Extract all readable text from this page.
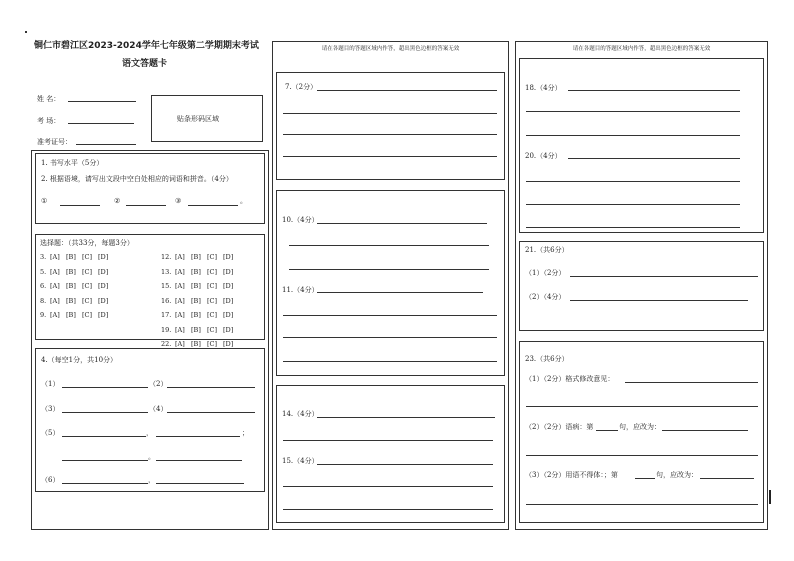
铜仁市碧江区2023-2024学年七年级第二学期期末考试
语文答题卡
姓 名：
考 场：
准考证号：
贴条形码区域
1. 书写水平（5分）
2. 根据语境，请写出文段中空白处相应的词语和拼音。（4分）
①	②	③	。
选择题：（共33分，每题3分）
3. [A] [B] [C] [D]
5. [A] [B] [C] [D]
6. [A] [B] [C] [D]
8. [A] [B] [C] [D]
9. [A] [B] [C] [D]
12. [A] [B] [C] [D]
13. [A] [B] [C] [D]
15. [A] [B] [C] [D]
16. [A] [B] [C] [D]
17. [A] [B] [C] [D]
19. [A] [B] [C] [D]
22. [A] [B] [C] [D]
4.（每空1分，共10分）
（1）	（2）
（3）	（4）
（5）	，	；
。
（6）	，
请在各题目的答题区域内作答，超出黑色边框的答案无效
7.（2分）
10.（4分）
11.（4分）
14.（4分）
15.（4分）
请在各题目的答题区域内作答，超出黑色边框的答案无效
18.（4分）
20.（4分）
21.（共6分）
（1）（2分）
（2）（4分）
23.（共6分）
（1）（2分）格式修改意见：
（2）（2分）语病：第	句，应改为：
（3）（2分）用语不得体：；第	句，应改为：
